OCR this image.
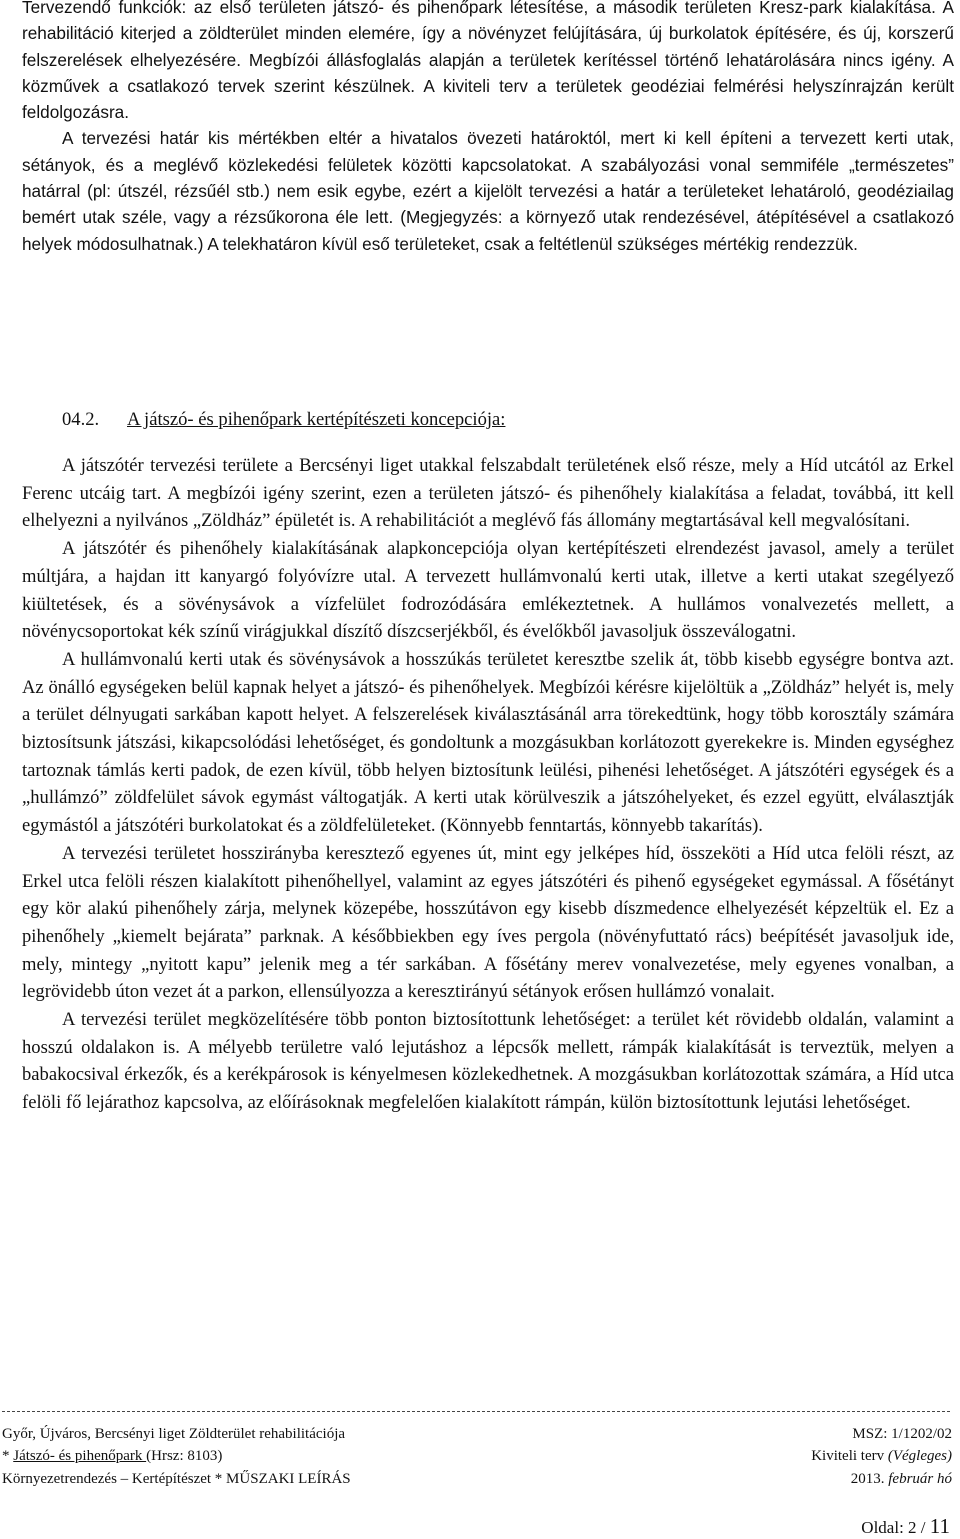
Tervezendő funkciók: az első területen játszó- és pihenőpark létesítése, a második területen Kresz-park kialakítása. A rehabilitáció kiterjed a zöldterület minden elemére, így a növényzet felújítására, új burkolatok építésére, és új, korszerű felszerelések elhelyezésére. Megbízói állásfoglalás alapján a területek kerítéssel történő lehatárolására nincs igény. A közművek a csatlakozó tervek szerint készülnek. A kiviteli terv a területek geodéziai felmérési helyszínrajzán került feldolgozásra.

A tervezési határ kis mértékben eltér a hivatalos övezeti határoktól, mert ki kell építeni a tervezett kerti utak, sétányok, és a meglévő közlekedési felületek közötti kapcsolatokat. A szabályozási vonal semmiféle „természetes” határral (pl: útszél, rézsűél stb.) nem esik egybe, ezért a kijelölt tervezési a határ a területeket lehatároló, geodéziailag bemért utak széle, vagy a rézsűkorona éle lett. (Megjegyzés: a környező utak rendezésével, átépítésével a csatlakozó helyek módosulhatnak.) A telekhatáron kívül eső területeket, csak a feltétlenül szükséges mértékig rendezzük.

04.2. A játszó- és pihenőpark kertépítészeti koncepciója:

A játszótér tervezési területe a Bercsényi liget utakkal felszabdalt területének első része, mely a Híd utcától az Erkel Ferenc utcáig tart. A megbízói igény szerint, ezen a területen játszó- és pihenőhely kialakítása a feladat, továbbá, itt kell elhelyezni a nyilvános „Zöldház” épületét is. A rehabilitációt a meglévő fás állomány megtartásával kell megvalósítani.

A játszótér és pihenőhely kialakításának alapkoncepciója olyan kertépítészeti elrendezést javasol, amely a terület múltjára, a hajdan itt kanyargó folyóvízre utal. A tervezett hullámvonalú kerti utak, illetve a kerti utakat szegélyező kiültetések, és a sövénysávok a vízfelület fodrozódására emlékeztetnek. A hullámos vonalvezetés mellett, a növénycsoportokat kék színű virágjukkal díszítő díszcserjékből, és évelőkből javasoljuk összeválogatni.

A hullámvonalú kerti utak és sövénysávok a hosszúkás területet keresztbe szelik át, több kisebb egységre bontva azt. Az önálló egységeken belül kapnak helyet a játszó- és pihenőhelyek. Megbízói kérésre kijelöltük a „Zöldház” helyét is, mely a terület délnyugati sarkában kapott helyet. A felszerelések kiválasztásánál arra törekedtünk, hogy több korosztály számára biztosítsunk játszási, kikapcsolódási lehetőséget, és gondoltunk a mozgásukban korlátozott gyerekekre is. Minden egységhez tartoznak támlás kerti padok, de ezen kívül, több helyen biztosítunk leülési, pihenési lehetőséget. A játszótéri egységek és a „hullámzó” zöldfelület sávok egymást váltogatják. A kerti utak körülveszik a játszóhelyeket, és ezzel együtt, elválasztják egymástól a játszótéri burkolatokat és a zöldfelületeket. (Könnyebb fenntartás, könnyebb takarítás).

A tervezési területet hosszirányba keresztező egyenes út, mint egy jelképes híd, összeköti a Híd utca felöli részt, az Erkel utca felöli részen kialakított pihenőhellyel, valamint az egyes játszótéri és pihenő egységeket egymással. A fősétányt egy kör alakú pihenőhely zárja, melynek közepébe, hosszútávon egy kisebb díszmedence elhelyezését képzeltük el. Ez a pihenőhely „kiemelt bejárata” parknak. A későbbiekben egy íves pergola (növényfuttató rács) beépítését javasoljuk ide, mely, mintegy „nyitott kapu” jelenik meg a tér sarkában. A fősétány merev vonalvezetése, mely egyenes vonalban, a legrövidebb úton vezet át a parkon, ellensúlyozza a keresztirányú sétányok erősen hullámzó vonalait.

A tervezési terület megközelítésére több ponton biztosítottunk lehetőséget: a terület két rövidebb oldalán, valamint a hosszú oldalakon is. A mélyebb területre való lejutáshoz a lépcsők mellett, rámpák kialakítását is terveztük, melyen a babakocsival érkezők, és a kerékpárosok is kényelmesen közlekedhetnek. A mozgásukban korlátozottak számára, a Híd utca felöli fő lejárathoz kapcsolva, az előírásoknak megfelelően kialakított rámpán, külön biztosítottunk lejutási lehetőséget.

Győr, Újváros, Bercsényi liget Zöldterület rehabilitációja	MSZ: 1/1202/02
* Játszó- és pihenőpark (Hrsz: 8103)	Kiviteli terv (Végleges)
Környezetrendezés – Kertépítészet * MŰSZAKI LEÍRÁS	2013. február hó
Oldal: 2 / 11
